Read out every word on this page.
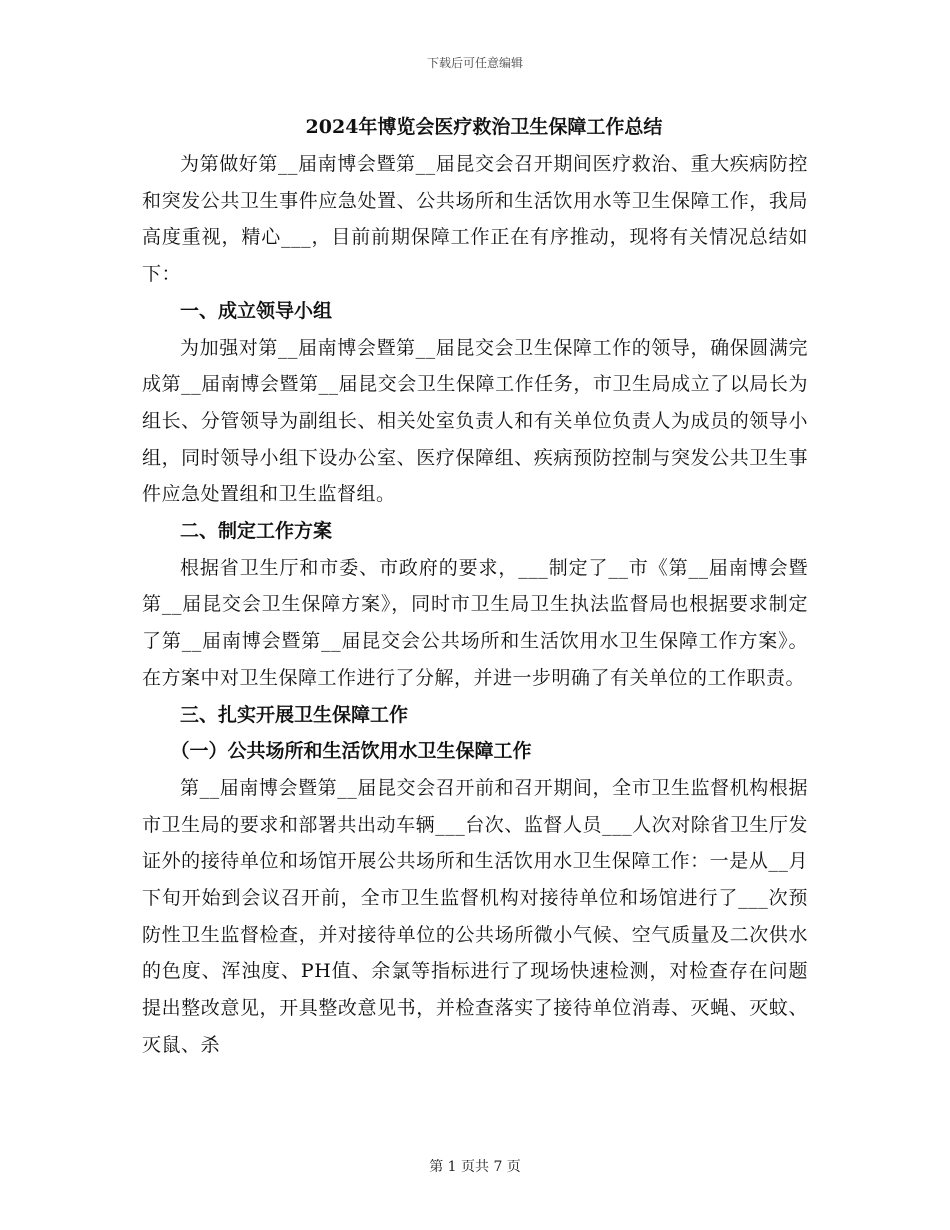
下载后可任意编辑
2024年博览会医疗救治卫生保障工作总结

为第做好第__届南博会暨第__届昆交会召开期间医疗救治、重大疾病防控和突发公共卫生事件应急处置、公共场所和生活饮用水等卫生保障工作，我局高度重视，精心___，目前前期保障工作正在有序推动，现将有关情况总结如下：

一、成立领导小组

为加强对第__届南博会暨第__届昆交会卫生保障工作的领导，确保圆满完成第__届南博会暨第__届昆交会卫生保障工作任务，市卫生局成立了以局长为组长、分管领导为副组长、相关处室负责人和有关单位负责人为成员的领导小组，同时领导小组下设办公室、医疗保障组、疾病预防控制与突发公共卫生事件应急处置组和卫生监督组。

二、制定工作方案

根据省卫生厅和市委、市政府的要求，___制定了__市《第__届南博会暨第__届昆交会卫生保障方案》，同时市卫生局卫生执法监督局也根据要求制定了第__届南博会暨第__届昆交会公共场所和生活饮用水卫生保障工作方案》。在方案中对卫生保障工作进行了分解，并进一步明确了有关单位的工作职责。

三、扎实开展卫生保障工作

（一）公共场所和生活饮用水卫生保障工作

第__届南博会暨第__届昆交会召开前和召开期间，全市卫生监督机构根据市卫生局的要求和部署共出动车辆___台次、监督人员___人次对除省卫生厅发证外的接待单位和场馆开展公共场所和生活饮用水卫生保障工作：一是从__月下旬开始到会议召开前，全市卫生监督机构对接待单位和场馆进行了___次预防性卫生监督检查，并对接待单位的公共场所微小气候、空气质量及二次供水的色度、浑浊度、PH值、余氯等指标进行了现场快速检测，对检查存在问题提出整改意见，开具整改意见书，并检查落实了接待单位消毒、灭蝇、灭蚊、灭鼠、杀

第 1 页共 7 页
